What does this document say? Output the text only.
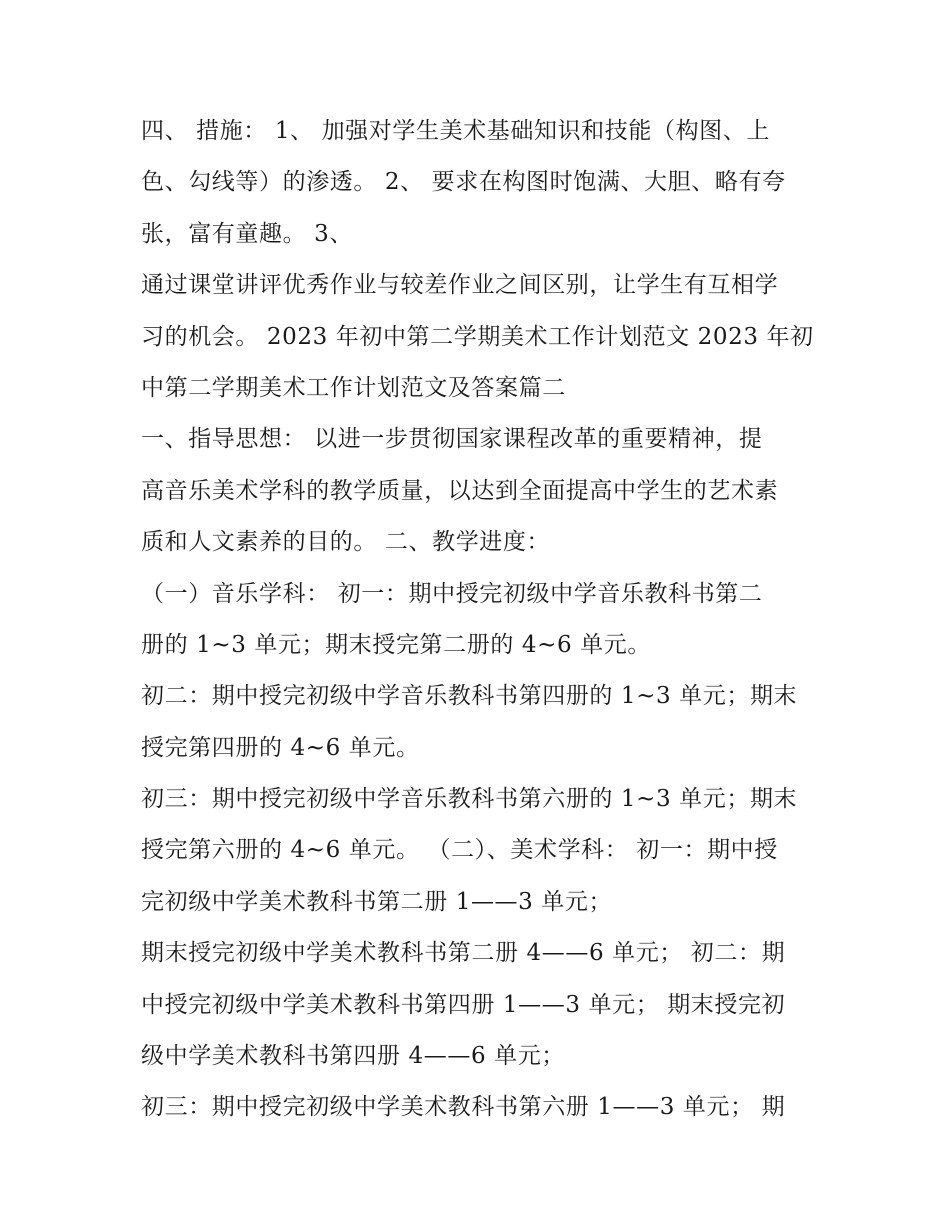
四、 措施： 1、 加强对学生美术基础知识和技能（构图、上
色、勾线等）的渗透。 2、 要求在构图时饱满、大胆、略有夸
张，富有童趣。 3、
通过课堂讲评优秀作业与较差作业之间区别，让学生有互相学
习的机会。 2023 年初中第二学期美术工作计划范文 2023 年初
中第二学期美术工作计划范文及答案篇二
一、指导思想： 以进一步贯彻国家课程改革的重要精神，提
高音乐美术学科的教学质量，以达到全面提高中学生的艺术素
质和人文素养的目的。 二、教学进度：
（一）音乐学科： 初一：期中授完初级中学音乐教科书第二
册的 1~3 单元；期末授完第二册的 4~6 单元。
初二：期中授完初级中学音乐教科书第四册的 1~3 单元；期末
授完第四册的 4~6 单元。
初三：期中授完初级中学音乐教科书第六册的 1~3 单元；期末
授完第六册的 4~6 单元。 （二）、美术学科： 初一：期中授
完初级中学美术教科书第二册 1——3 单元；
期末授完初级中学美术教科书第二册 4——6 单元； 初二：期
中授完初级中学美术教科书第四册 1——3 单元； 期末授完初
级中学美术教科书第四册 4——6 单元；
初三：期中授完初级中学美术教科书第六册 1——3 单元； 期
